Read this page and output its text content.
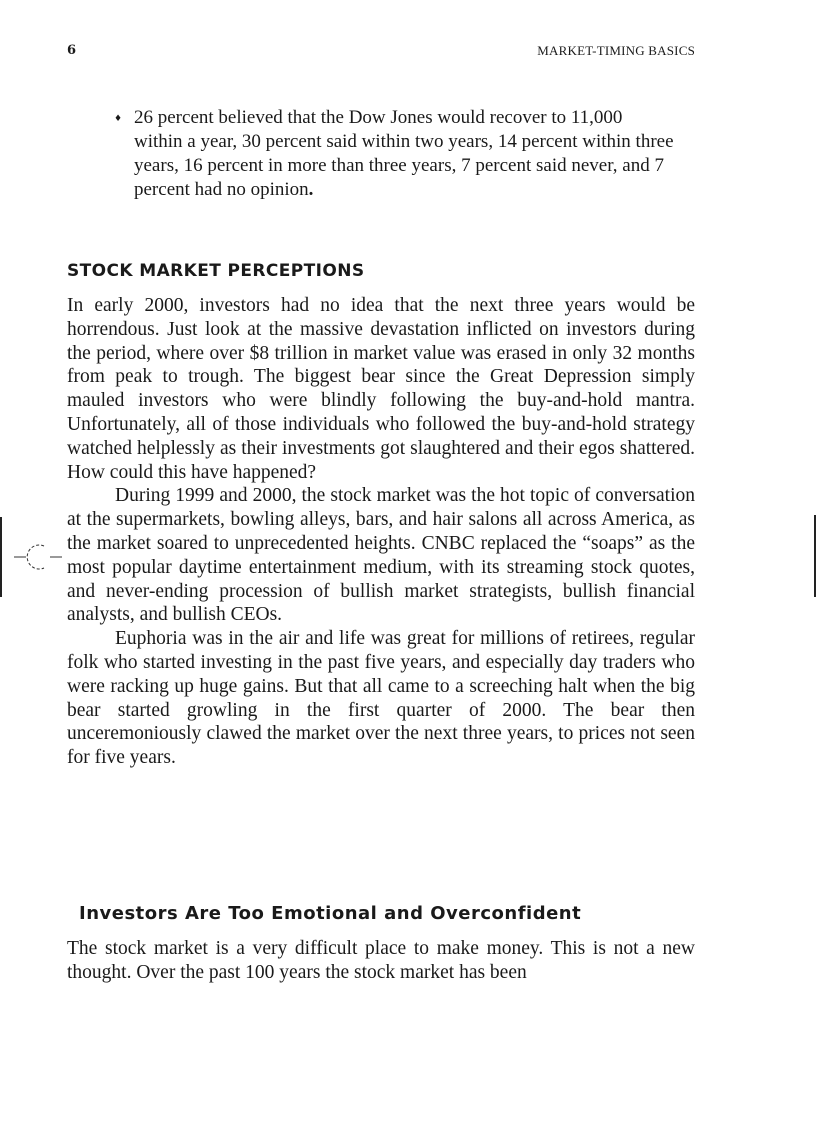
6	MARKET-TIMING BASICS
♦ 26 percent believed that the Dow Jones would recover to 11,000 within a year, 30 percent said within two years, 14 percent within three years, 16 percent in more than three years, 7 percent said never, and 7 percent had no opinion.

STOCK MARKET PERCEPTIONS

In early 2000, investors had no idea that the next three years would be horrendous. Just look at the massive devastation inflicted on investors during the period, where over $8 trillion in market value was erased in only 32 months from peak to trough. The biggest bear since the Great Depression simply mauled investors who were blindly following the buy-and-hold mantra. Unfortunately, all of those individuals who followed the buy-and-hold strategy watched helplessly as their investments got slaughtered and their egos shattered. How could this have happened?

During 1999 and 2000, the stock market was the hot topic of conversation at the supermarkets, bowling alleys, bars, and hair salons all across America, as the market soared to unprecedented heights. CNBC replaced the “soaps” as the most popular daytime entertainment medium, with its streaming stock quotes, and never-ending procession of bullish market strategists, bullish financial analysts, and bullish CEOs.

Euphoria was in the air and life was great for millions of retirees, regular folk who started investing in the past five years, and especially day traders who were racking up huge gains. But that all came to a screeching halt when the big bear started growling in the first quarter of 2000. The bear then unceremoniously clawed the market over the next three years, to prices not seen for five years.

Investors Are Too Emotional and Overconfident

The stock market is a very difficult place to make money. This is not a new thought. Over the past 100 years the stock market has been
